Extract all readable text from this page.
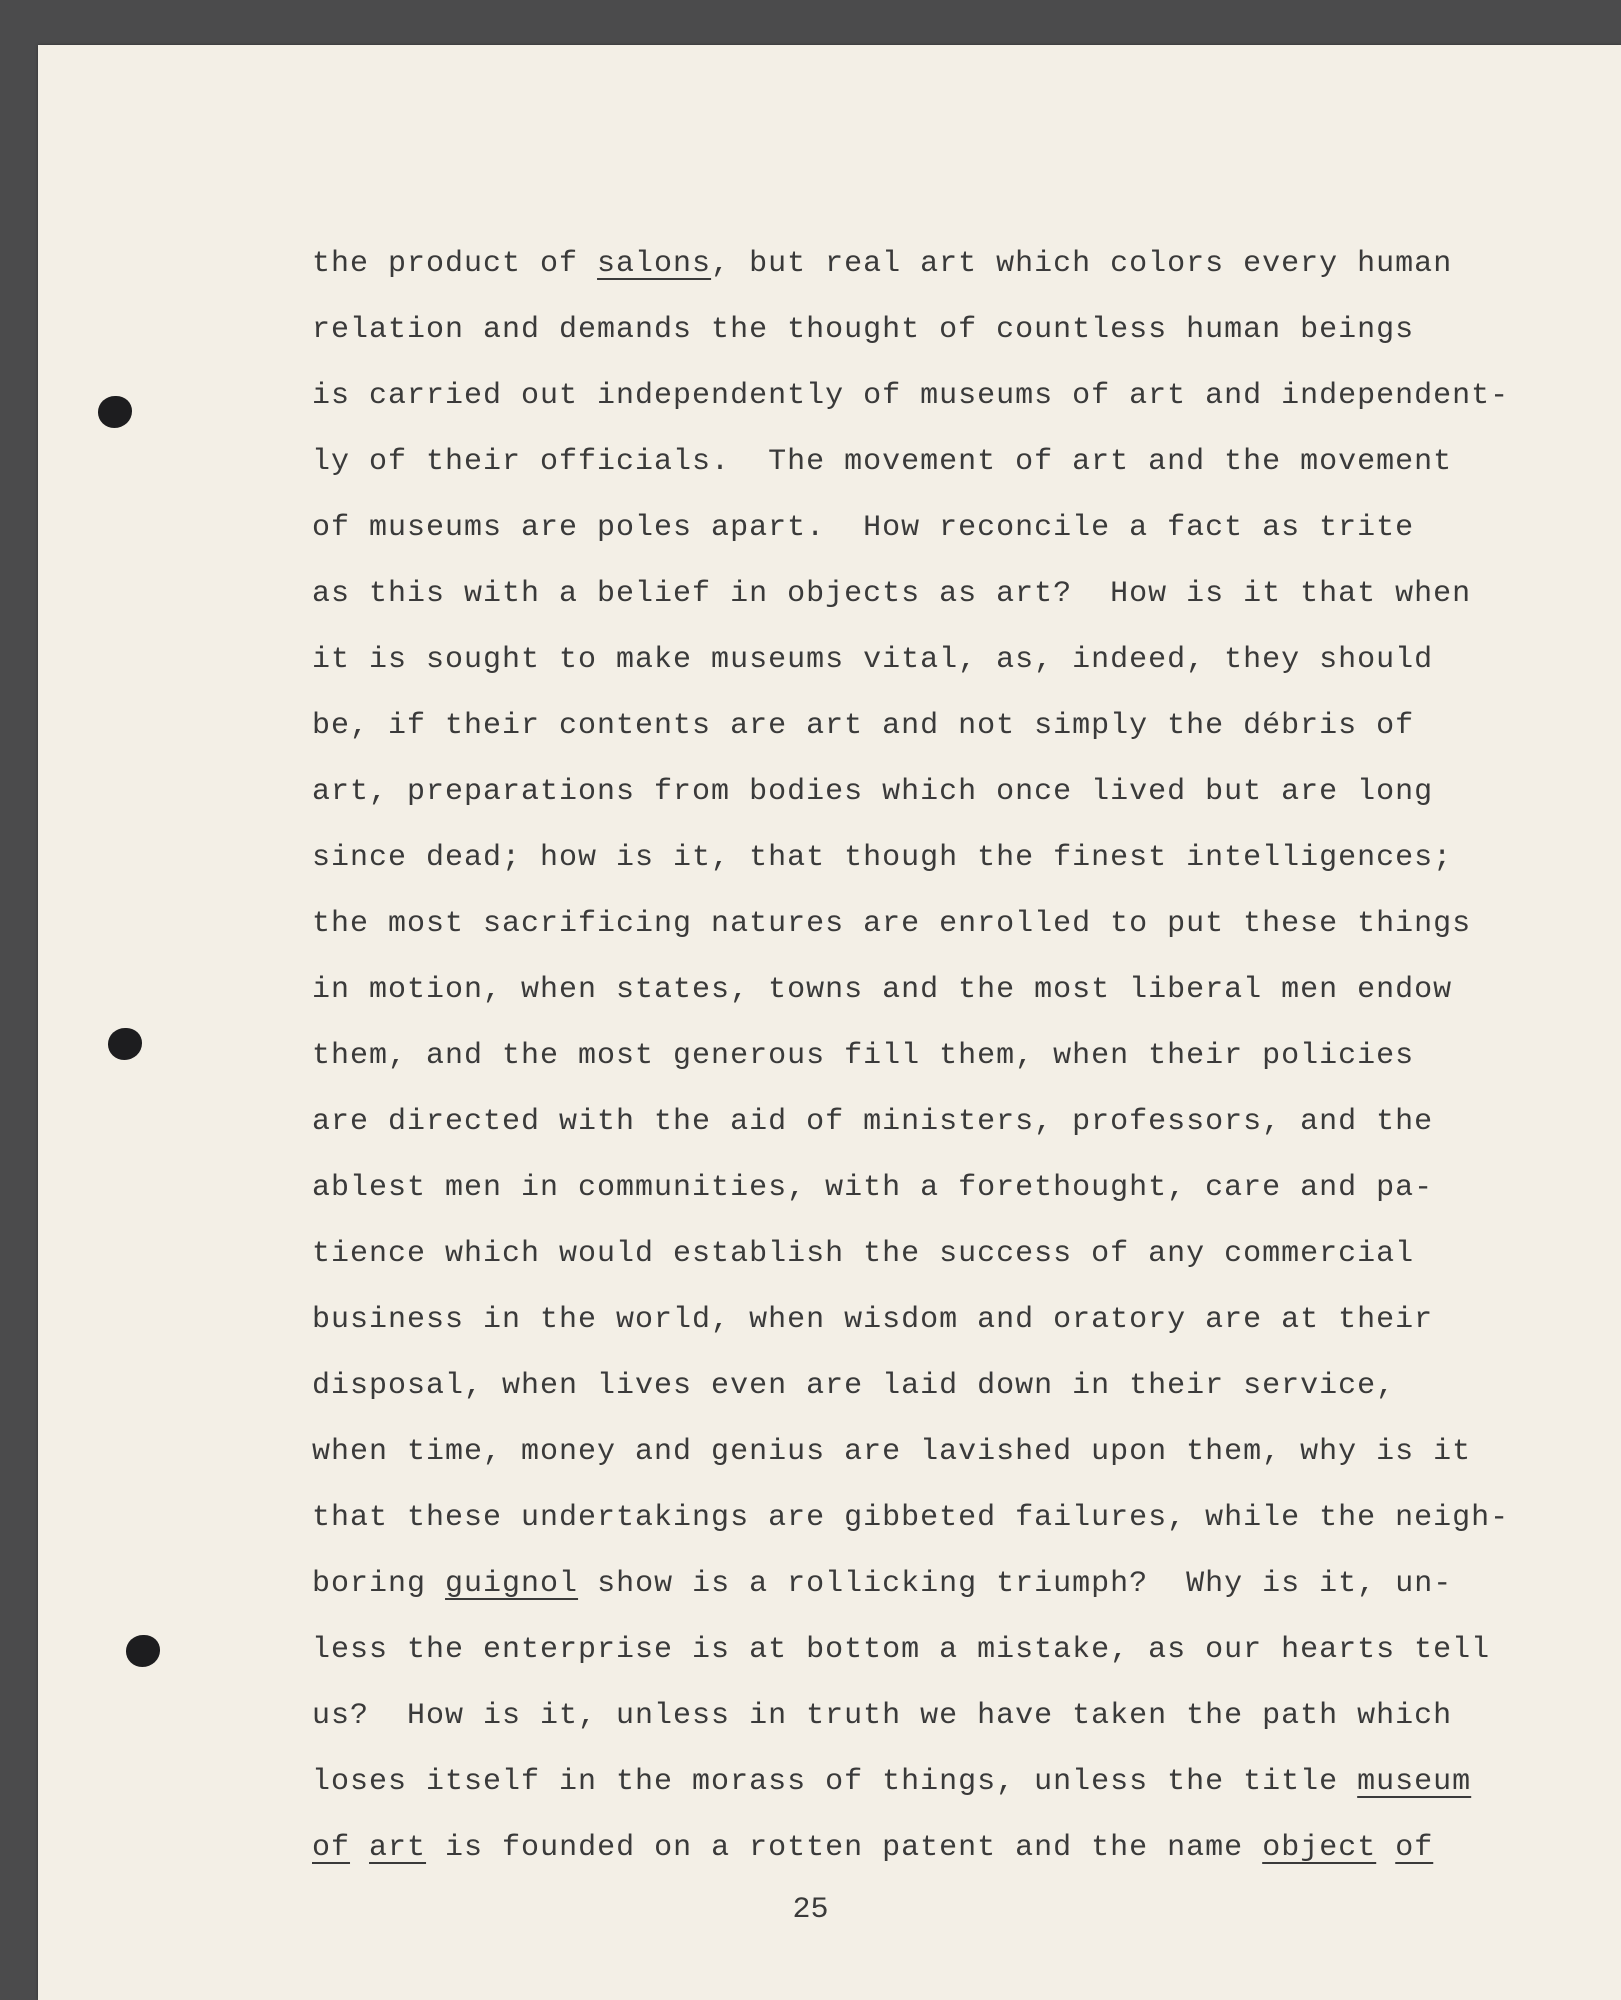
the product of salons, but real art which colors every human
relation and demands the thought of countless human beings
is carried out independently of museums of art and independent-
ly of their officials.  The movement of art and the movement
of museums are poles apart.  How reconcile a fact as trite
as this with a belief in objects as art?  How is it that when
it is sought to make museums vital, as, indeed, they should
be, if their contents are art and not simply the débris of
art, preparations from bodies which once lived but are long
since dead; how is it, that though the finest intelligences;
the most sacrificing natures are enrolled to put these things
in motion, when states, towns and the most liberal men endow
them, and the most generous fill them, when their policies
are directed with the aid of ministers, professors, and the
ablest men in communities, with a forethought, care and pa-
tience which would establish the success of any commercial
business in the world, when wisdom and oratory are at their
disposal, when lives even are laid down in their service,
when time, money and genius are lavished upon them, why is it
that these undertakings are gibbeted failures, while the neigh-
boring guignol show is a rollicking triumph?  Why is it, un-
less the enterprise is at bottom a mistake, as our hearts tell
us?  How is it, unless in truth we have taken the path which
loses itself in the morass of things, unless the title museum
of art is founded on a rotten patent and the name object of
25
